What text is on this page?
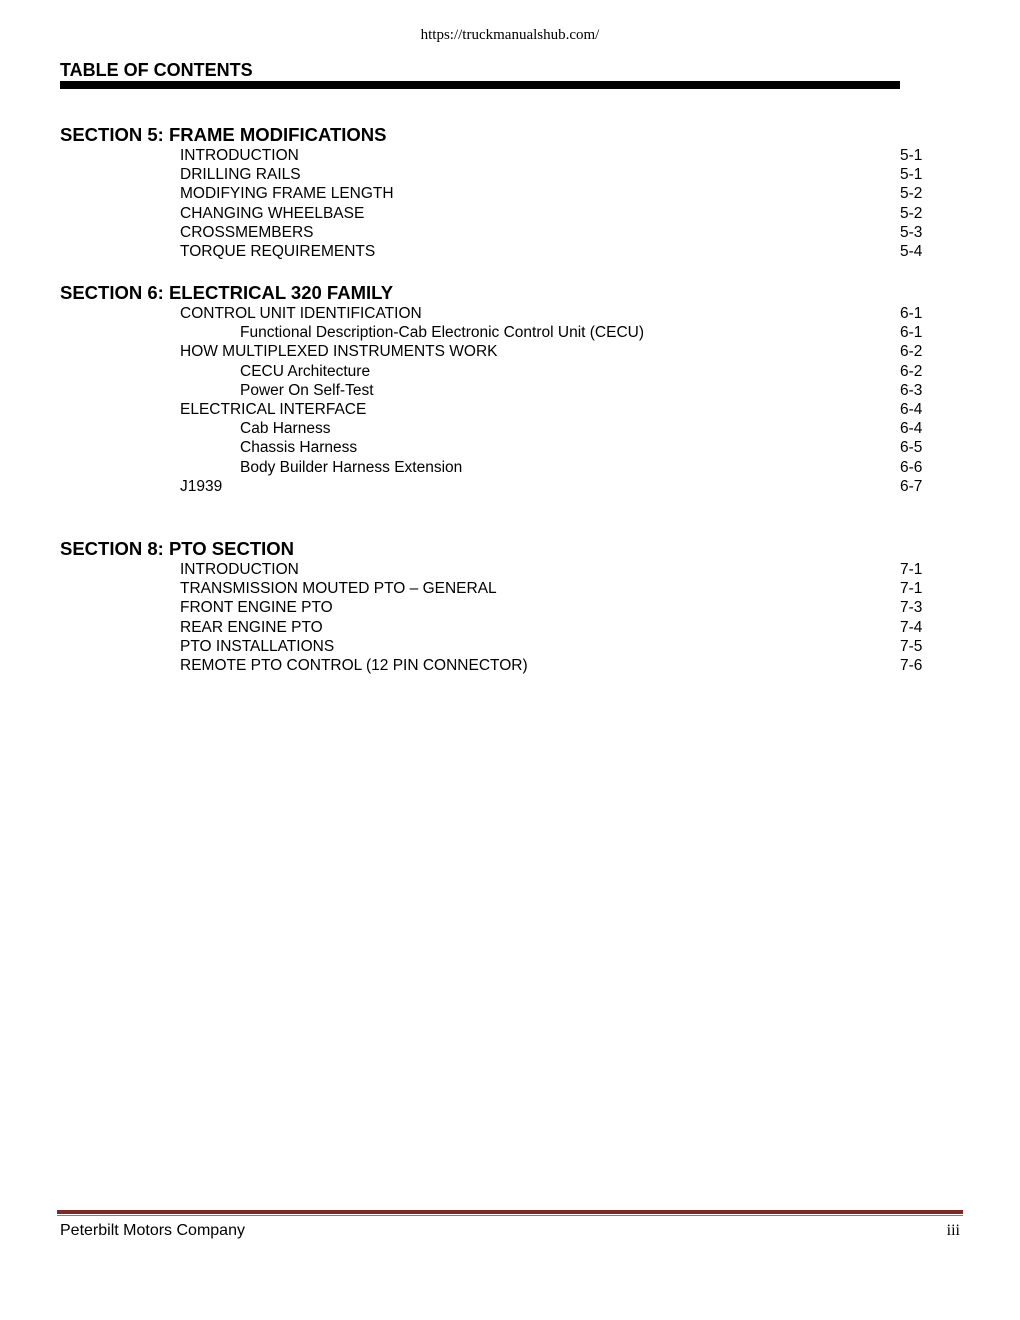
https://truckmanualshub.com/
TABLE OF CONTENTS
SECTION 5: FRAME MODIFICATIONS
INTRODUCTION	5-1
DRILLING RAILS	5-1
MODIFYING FRAME LENGTH	5-2
CHANGING WHEELBASE	5-2
CROSSMEMBERS	5-3
TORQUE REQUIREMENTS	5-4
SECTION 6: ELECTRICAL 320 FAMILY
CONTROL UNIT IDENTIFICATION	6-1
Functional Description-Cab Electronic Control Unit (CECU)	6-1
HOW MULTIPLEXED INSTRUMENTS WORK	6-2
CECU Architecture	6-2
Power On Self-Test	6-3
ELECTRICAL INTERFACE	6-4
Cab Harness	6-4
Chassis Harness	6-5
Body Builder Harness Extension	6-6
J1939	6-7
SECTION 8: PTO SECTION
INTRODUCTION	7-1
TRANSMISSION MOUTED PTO – GENERAL	7-1
FRONT ENGINE PTO	7-3
REAR ENGINE PTO	7-4
PTO INSTALLATIONS	7-5
REMOTE PTO CONTROL (12 PIN CONNECTOR)	7-6
Peterbilt Motors Company	iii
